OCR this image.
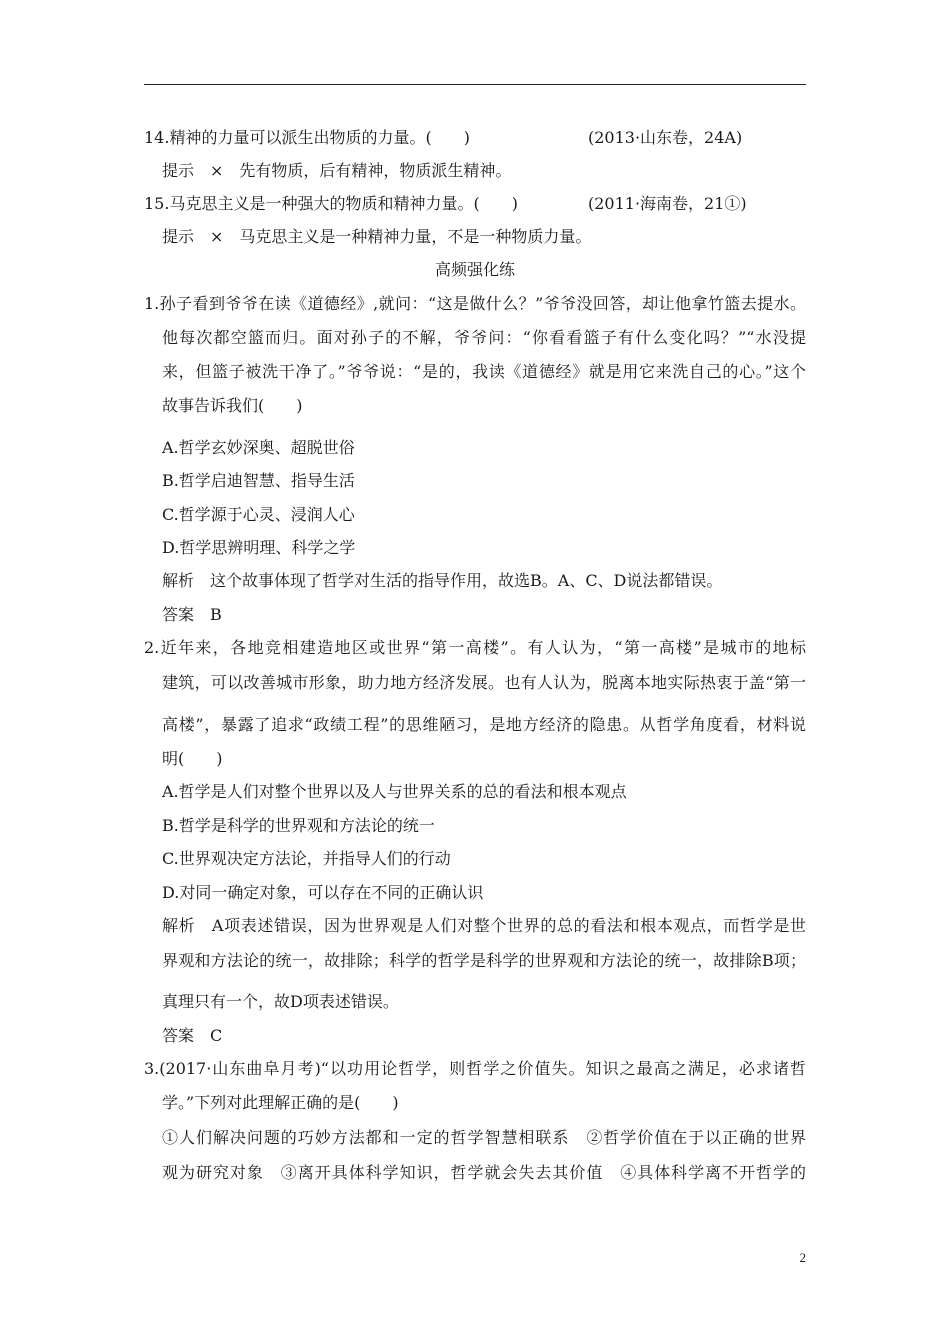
14.精神的力量可以派生出物质的力量。(　　)	(2013·山东卷，24A)
提示　×　先有物质，后有精神，物质派生精神。
15.马克思主义是一种强大的物质和精神力量。(　　)	(2011·海南卷，21①)
提示　×　马克思主义是一种精神力量，不是一种物质力量。
高频强化练
1.孙子看到爷爷在读《道德经》,就问：“这是做什么？”爷爷没回答，却让他拿竹篮去提水。
他每次都空篮而归。面对孙子的不解，爷爷问：“你看看篮子有什么变化吗？”“水没提
来，但篮子被洗干净了。”爷爷说：“是的，我读《道德经》就是用它来洗自己的心。”这个
故事告诉我们(　　)
A.哲学玄妙深奥、超脱世俗
B.哲学启迪智慧、指导生活
C.哲学源于心灵、浸润人心
D.哲学思辨明理、科学之学
解析　这个故事体现了哲学对生活的指导作用，故选B。A、C、D说法都错误。
答案　B
2.近年来，各地竞相建造地区或世界“第一高楼”。有人认为，“第一高楼”是城市的地标
建筑，可以改善城市形象，助力地方经济发展。也有人认为，脱离本地实际热衷于盖“第一
高楼”，暴露了追求“政绩工程”的思维陋习，是地方经济的隐患。从哲学角度看，材料说
明(　　)
A.哲学是人们对整个世界以及人与世界关系的总的看法和根本观点
B.哲学是科学的世界观和方法论的统一
C.世界观决定方法论，并指导人们的行动
D.对同一确定对象，可以存在不同的正确认识
解析　A项表述错误，因为世界观是人们对整个世界的总的看法和根本观点，而哲学是世
界观和方法论的统一，故排除；科学的哲学是科学的世界观和方法论的统一，故排除B项；
真理只有一个，故D项表述错误。
答案　C
3.(2017·山东曲阜月考)“以功用论哲学，则哲学之价值失。知识之最高之满足，必求诸哲
学。”下列对此理解正确的是(　　)
①人们解决问题的巧妙方法都和一定的哲学智慧相联系　②哲学价值在于以正确的世界
观为研究对象　③离开具体科学知识，哲学就会失去其价值　④具体科学离不开哲学的
2
